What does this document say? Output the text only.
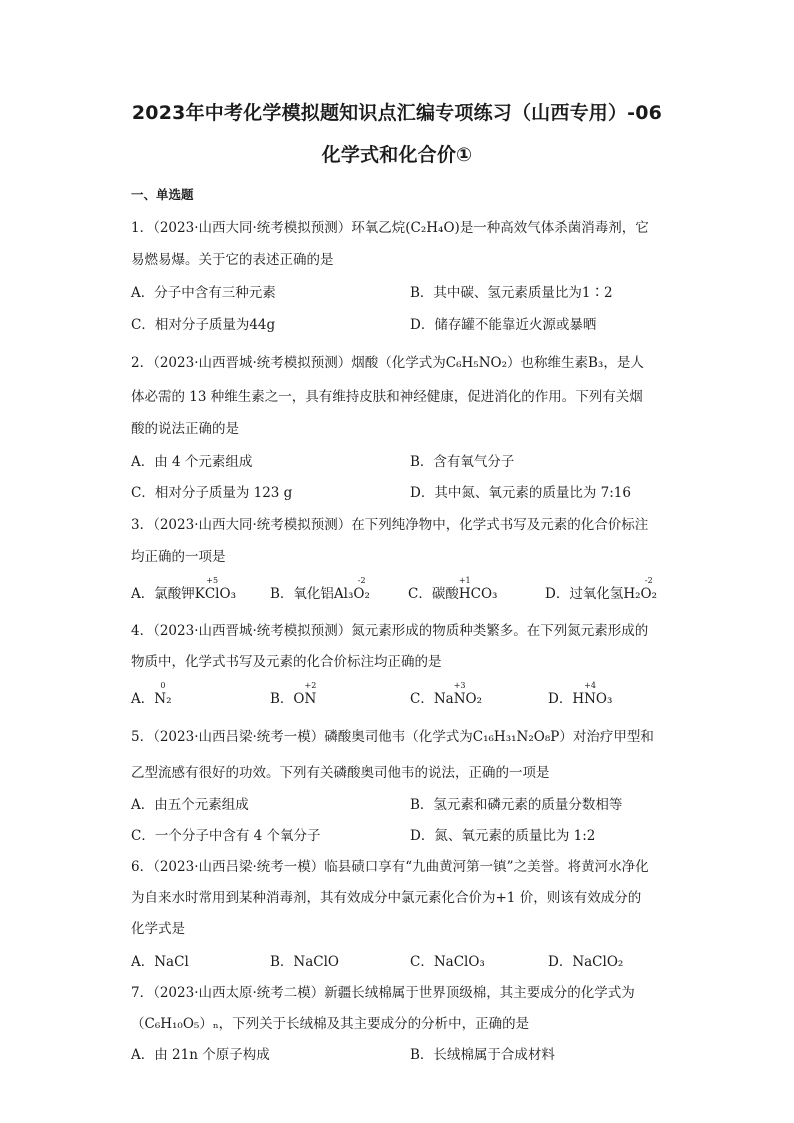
2023年中考化学模拟题知识点汇编专项练习（山西专用）-06
化学式和化合价①
一、单选题
1．（2023·山西大同·统考模拟预测）环氧乙烷(C₂H₄O)是一种高效气体杀菌消毒剂，它
易燃易爆。关于它的表述正确的是
A．分子中含有三种元素	B．其中碳、氢元素质量比为1∶2
C．相对分子质量为44g	D．储存罐不能靠近火源或暴晒
2．（2023·山西晋城·统考模拟预测）烟酸（化学式为C₆H₅NO₂）也称维生素B₃，是人
体必需的 13 种维生素之一，具有维持皮肤和神经健康，促进消化的作用。下列有关烟
酸的说法正确的是
A．由 4 个元素组成	B．含有氧气分子
C．相对分子质量为 123 g	D．其中氮、氧元素的质量比为 7:16
3．（2023·山西大同·统考模拟预测）在下列纯净物中，化学式书写及元素的化合价标注
均正确的一项是
A．氯酸钾K
+5
ClO₃	B．氧化铝Al₃
-2
O₂	C．碳酸
+1
HCO₃	D．过氧化氢H₂
-2
O₂
4．（2023·山西晋城·统考模拟预测）氮元素形成的物质种类繁多。在下列氮元素形成的
物质中，化学式书写及元素的化合价标注均正确的是
A．
0
N₂	B．O
+2
N	C．Na
+3
NO₂	D．H
+4
NO₃
5．（2023·山西吕梁·统考一模）磷酸奥司他韦（化学式为C₁₆H₃₁N₂O₈P）对治疗甲型和
乙型流感有很好的功效。下列有关磷酸奥司他韦的说法，正确的一项是
A．由五个元素组成	B．氢元素和磷元素的质量分数相等
C．一个分子中含有 4 个氧分子	D．氮、氧元素的质量比为 1:2
6．（2023·山西吕梁·统考一模）临县碛口享有“九曲黄河第一镇”之美誉。将黄河水净化
为自来水时常用到某种消毒剂，其有效成分中氯元素化合价为+1 价，则该有效成分的
化学式是
A．NaCl	B．NaClO	C．NaClO₃	D．NaClO₂
7．（2023·山西太原·统考二模）新疆长绒棉属于世界顶级棉，其主要成分的化学式为
（C₆H₁₀O₅）ₙ，下列关于长绒棉及其主要成分的分析中，正确的是
A．由 21n 个原子构成	B．长绒棉属于合成材料
